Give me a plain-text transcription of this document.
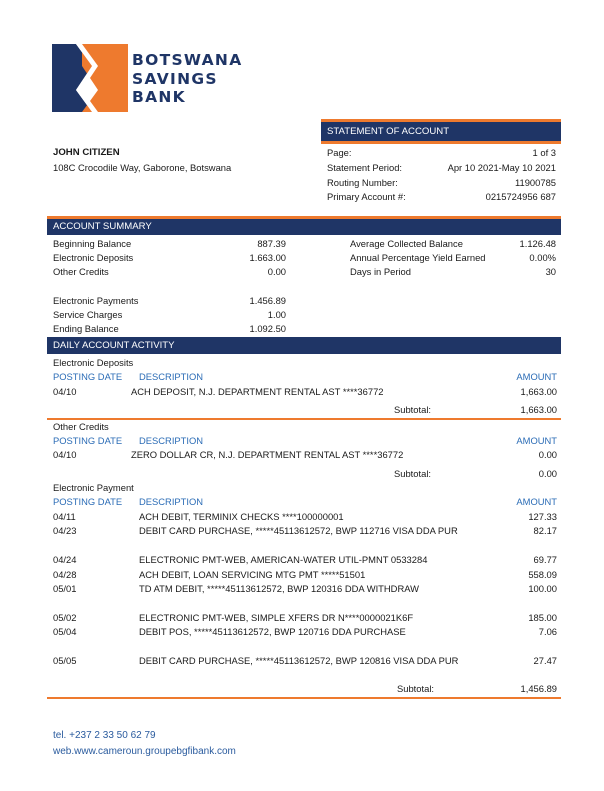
BOTSWANA
SAVINGS
BANK
STATEMENT OF ACCOUNT
JOHN CITIZEN
108C Crocodile Way, Gaborone, Botswana
Page:	1 of 3
Statement Period:	Apr 10 2021-May 10 2021
Routing Number:	11900785
Primary Account #:	0215724956 687
ACCOUNT SUMMARY
Beginning Balance	887.39
Electronic Deposits	1.663.00
Other Credits	0.00
Electronic Payments	1.456.89
Service Charges	1.00
Ending Balance	1.092.50
Average Collected Balance	1.126.48
Annual Percentage Yield Earned	0.00%
Days in Period	30
DAILY ACCOUNT ACTIVITY
Electronic Deposits
POSTING DATE DESCRIPTION	AMOUNT
04/10	ACH DEPOSIT, N.J. DEPARTMENT RENTAL AST ****36772	1,663.00
Subtotal:	1,663.00
Other Credits
POSTING DATE DESCRIPTION	AMOUNT
04/10	ZERO DOLLAR CR, N.J. DEPARTMENT RENTAL AST ****36772	0.00
Subtotal:	0.00
Electronic Payment
POSTING DATE DESCRIPTION	AMOUNT
04/11	ACH DEBIT, TERMINIX CHECKS ****100000001	127.33
04/23	DEBIT CARD PURCHASE, *****45113612572, BWP 112716 VISA DDA PUR	82.17
04/24	ELECTRONIC PMT-WEB, AMERICAN-WATER UTIL-PMNT 0533284	69.77
04/28	ACH DEBIT, LOAN SERVICING MTG PMT *****51501	558.09
05/01	TD ATM DEBIT, *****45113612572, BWP 120316 DDA WITHDRAW	100.00
05/02	ELECTRONIC PMT-WEB, SIMPLE XFERS DR N****0000021K6F	185.00
05/04	DEBIT POS, *****45113612572, BWP 120716 DDA PURCHASE	7.06
05/05	DEBIT CARD PURCHASE, *****45113612572, BWP 120816 VISA DDA PUR	27.47
Subtotal:	1,456.89
tel. +237 2 33 50 62 79
web.www.cameroun.groupebgfibank.com
